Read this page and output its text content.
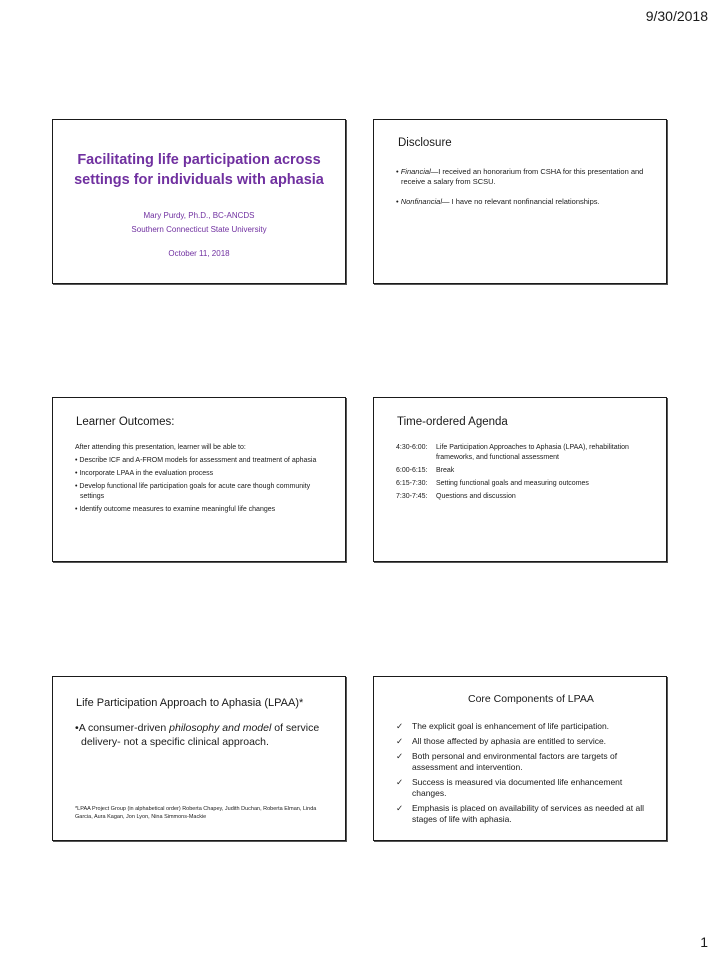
9/30/2018
Facilitating life participation across settings for individuals with aphasia
Mary Purdy, Ph.D., BC-ANCDS
Southern Connecticut State University
October 11, 2018
Disclosure
• Financial—I received an honorarium from CSHA for this presentation and receive a salary from SCSU.
• Nonfinancial— I have no relevant nonfinancial relationships.
Learner Outcomes:
After attending this presentation, learner will be able to:
• Describe ICF and A-FROM models for assessment and treatment of aphasia
• Incorporate LPAA in the evaluation process
• Develop functional life participation goals for acute care though community settings
• Identify outcome measures to examine meaningful life changes
Time-ordered Agenda
4:30-6:00:	Life Participation Approaches to Aphasia (LPAA), rehabilitation frameworks, and functional assessment
6:00-6:15:	Break
6:15-7:30:	Setting functional goals and measuring outcomes
7:30-7:45:	Questions and discussion
Life Participation Approach to Aphasia (LPAA)*
•A consumer-driven philosophy and model of service delivery- not a specific clinical approach.
*LPAA Project Group (in alphabetical order) Roberta Chapey, Judith Duchan, Roberta Elman, Linda Garcia, Aura Kagan, Jon Lyon, Nina Simmons-Mackie
Core Components of LPAA
✓	The explicit goal is enhancement of life participation.
✓	All those affected by aphasia are entitled to service.
✓	Both personal and environmental factors are targets of assessment and intervention.
✓	Success is measured via documented life enhancement changes.
✓	Emphasis is placed on availability of services as needed at all stages of life with aphasia.
1
